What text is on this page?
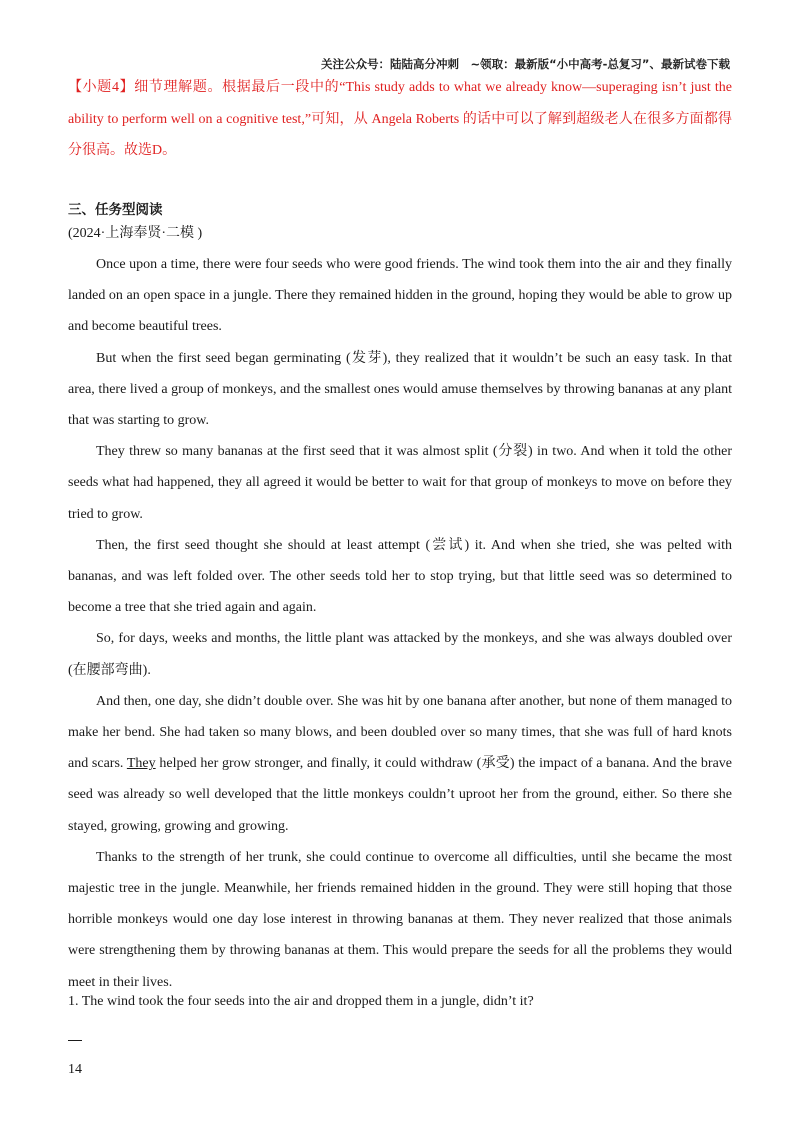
关注公众号：陆陆高分冲刺　~领取：最新版“小中高考-总复习”、最新试卷下载
【小题4】细节理解题。根据最后一段中的“This study adds to what we already know—superaging isn’t just the ability to perform well on a cognitive test,”可知，从 Angela Roberts 的话中可以了解到超级老人在很多方面都得分很高。故选D。
三、任务型阅读
(2024·上海奉贤·二模 )

Once upon a time, there were four seeds who were good friends. The wind took them into the air and they finally landed on an open space in a jungle. There they remained hidden in the ground, hoping they would be able to grow up and become beautiful trees.

But when the first seed began germinating (发芽), they realized that it wouldn’t be such an easy task. In that area, there lived a group of monkeys, and the smallest ones would amuse themselves by throwing bananas at any plant that was starting to grow.

They threw so many bananas at the first seed that it was almost split (分裂) in two. And when it told the other seeds what had happened, they all agreed it would be better to wait for that group of monkeys to move on before they tried to grow.

Then, the first seed thought she should at least attempt (尝试) it. And when she tried, she was pelted with bananas, and was left folded over. The other seeds told her to stop trying, but that little seed was so determined to become a tree that she tried again and again.

So, for days, weeks and months, the little plant was attacked by the monkeys, and she was always doubled over (在腰部弯曲).

And then, one day, she didn’t double over. She was hit by one banana after another, but none of them managed to make her bend. She had taken so many blows, and been doubled over so many times, that she was full of hard knots and scars. They helped her grow stronger, and finally, it could withdraw (承受) the impact of a banana. And the brave seed was already so well developed that the little monkeys couldn’t uproot her from the ground, either. So there she stayed, growing, growing and growing.

Thanks to the strength of her trunk, she could continue to overcome all difficulties, until she became the most majestic tree in the jungle. Meanwhile, her friends remained hidden in the ground. They were still hoping that those horrible monkeys would one day lose interest in throwing bananas at them. They never realized that those animals were strengthening them by throwing bananas at them. This would prepare the seeds for all the problems they would meet in their lives.

1. The wind took the four seeds into the air and dropped them in a jungle, didn’t it?
14
